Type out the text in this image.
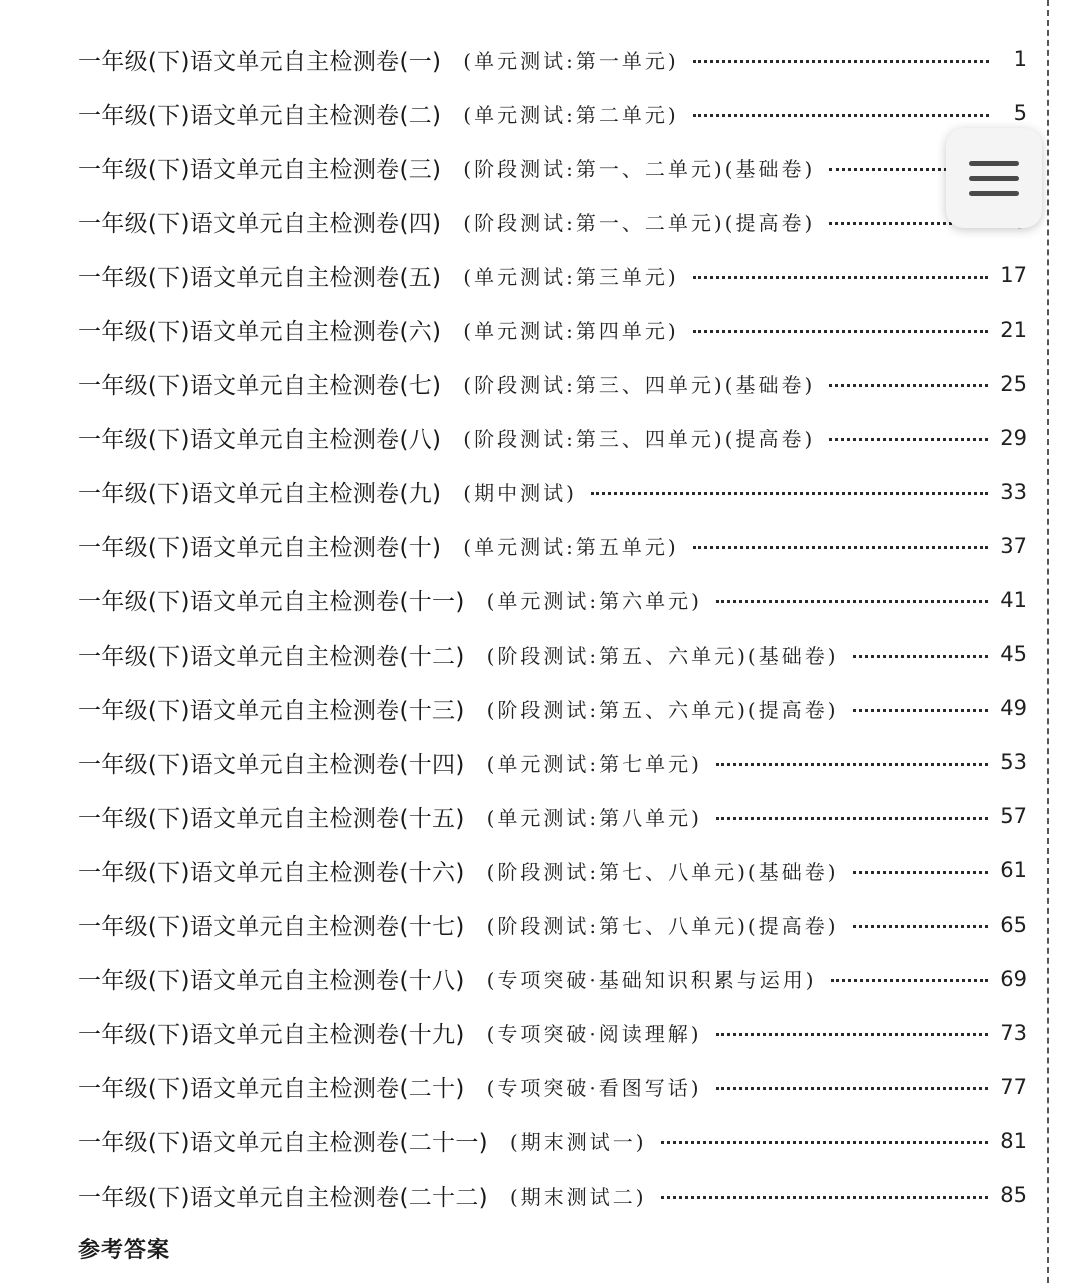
一年级(下)语文单元自主检测卷(一) (单元测试:第一单元)	1
一年级(下)语文单元自主检测卷(二) (单元测试:第二单元)	5
一年级(下)语文单元自主检测卷(三) (阶段测试:第一、二单元)(基础卷)
一年级(下)语文单元自主检测卷(四) (阶段测试:第一、二单元)(提高卷)
一年级(下)语文单元自主检测卷(五) (单元测试:第三单元)	17
一年级(下)语文单元自主检测卷(六) (单元测试:第四单元)	21
一年级(下)语文单元自主检测卷(七) (阶段测试:第三、四单元)(基础卷)	25
一年级(下)语文单元自主检测卷(八) (阶段测试:第三、四单元)(提高卷)	29
一年级(下)语文单元自主检测卷(九) (期中测试)	33
一年级(下)语文单元自主检测卷(十) (单元测试:第五单元)	37
一年级(下)语文单元自主检测卷(十一) (单元测试:第六单元)	41
一年级(下)语文单元自主检测卷(十二) (阶段测试:第五、六单元)(基础卷)	45
一年级(下)语文单元自主检测卷(十三) (阶段测试:第五、六单元)(提高卷)	49
一年级(下)语文单元自主检测卷(十四) (单元测试:第七单元)	53
一年级(下)语文单元自主检测卷(十五) (单元测试:第八单元)	57
一年级(下)语文单元自主检测卷(十六) (阶段测试:第七、八单元)(基础卷)	61
一年级(下)语文单元自主检测卷(十七) (阶段测试:第七、八单元)(提高卷)	65
一年级(下)语文单元自主检测卷(十八) (专项突破·基础知识积累与运用)	69
一年级(下)语文单元自主检测卷(十九) (专项突破·阅读理解)	73
一年级(下)语文单元自主检测卷(二十) (专项突破·看图写话)	77
一年级(下)语文单元自主检测卷(二十一) (期末测试一)	81
一年级(下)语文单元自主检测卷(二十二) (期末测试二)	85
参考答案
